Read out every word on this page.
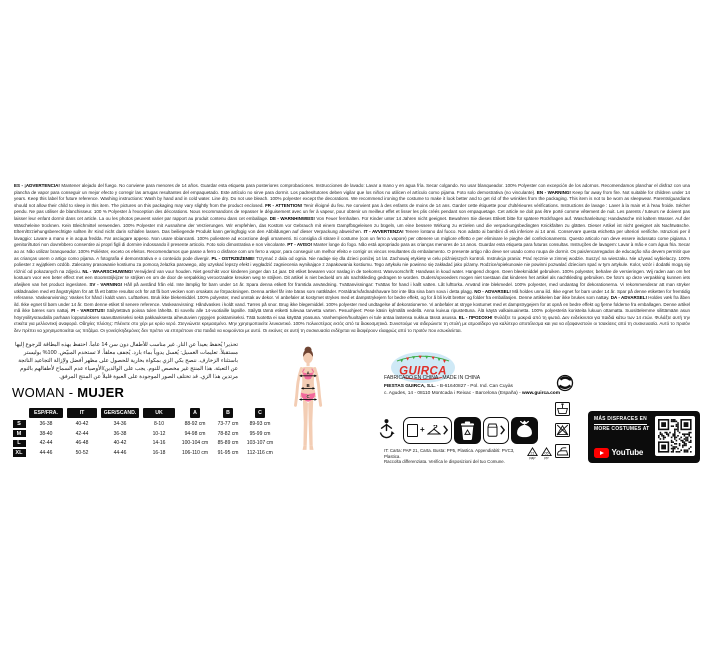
ES - ¡ADVERTENCIA! Mantener alejado del fuego. No conviene para menores de 14 años. Guardar esta etiqueta para posteriores comprobaciones. Instrucciones de lavado: Lavar a mano y en agua fría. Secar colgando. No usar blanqueador. 100% Polyester con excepción de los adornos. Recomendamos planchar el disfraz con una plancha de vapor para conseguir un mejor efecto y corregir las arrugas resultantes del empaquetado. Este artículo no sirve para dormir. Los padres/tutores deben vigilar que los niños no utilicen el artículo como pijama. Foto solo demostrativa (no vinculante). EN - WARNING! Keep far away from fire. Not suitable for children under 14 years. Keep this label for future reference. Washing instructions: Wash by hand and in cold water. Line dry. Do not use bleach. 100% polyester except the decorations. We recommend ironing the costume to make it look better and to get rid of the wrinkles from the packaging. This item is not to be worn as sleepwear. Parents/guardians should not allow their child to sleep in this item. The pictures on this packaging may vary slightly from the product enclosed. FR - ATTENTION! Tenir éloigné du feu. Ne convient pas à des enfants de moins de 14 ans. Garder cette étiquette pour d'ultérieures vérifications. Instructions de lavage : Laver à la main et à l'eau froide. Sécher pendu. Ne pas utiliser de blanchisseur. 100 % Polyester à l'exception des décorations. Nous recommandons de repasser le déguisement avec un fer à vapeur, pour obtenir un meilleur effet et lisser les plis créés pendant son empaquetage. Cet article ne doit pas être porté comme vêtement de nuit. Les parents / tuteurs ne doivent pas laisser leur enfant dormir dans cet article. La ou les photos peuvent varier par rapport au produit contenu dans cet emballage. DE - WARNHINWEIS! Von Feuer fernhalten. Für Kinder unter 14 Jahren nicht geeignet. Bewahren Sie dieses Etikett bitte für spätere Rückfragen auf. Waschanleitung: Handwäsche mit kaltem Wasser. Auf der Wäscheleine trocknen. Kein Bleichmittel verwenden. 100% Polyester mit Ausnahme der Verzierungen. Wir empfehlen, das Kostüm vor Gebrauch mit einem Dampfbügeleisen zu bügeln, um eine bessere Wirkung zu erzielen und die verpackungsbedingten Knickfalten zu glätten. Dieser Artikel ist nicht geeignet als Nachtwäsche. Eltern/Erziehungsberechtigte sollten ihr Kind nicht darin schlafen lassen. Das beiliegende Produkt kann geringfügig von den Abbildungen auf dieser Verpackung abweichen. IT - AVVERTENZA! Tenere lontano dal fuoco. Non adatto ai bambini di età inferiore ai 14 anni. Conservare questa etichetta per ulteriori verifiche. Istruzioni per il lavaggio: Lavare a mano e in acqua fredda. Far asciugare appeso. Non usare sbiancanti. 100% poliestere ad eccezione degli ornamenti. Si consiglia di stirare il costume (con un ferro a vapore) per ottenere un migliore effetto e per eliminare le pieghe del confezionamento. Questo articolo non deve essere indossato come pigiama. I genitori/tutori non dovrebbero consentire ai propri figli di dormire indossando il presente articolo. Foto solo dimostrativa e non vincolante. PT - AVISO! Manter longe do fogo. Não está apropriado para as crianças menores de 14 anos. Guardar esta etiqueta para futuras consultas. Instruções de lavagem: Lavar à mão e com água fria. Secar ao ar. Não utilizar branqueador. 100% Poliéster, exceto os efeitos. Recomendamos que passe a ferro o disfarce com um ferro a vapor, para conseguir um melhor efeito e corrigir os vincos resultantes do embalamento. O presente artigo não deve ser usado como roupa de dormir. Os pais/encarregados de educação não devem permitir que as crianças usem o artigo como pijama. A fotografia é demonstrativa e o conteúdo pode divergir. PL - OSTRZEŻENIE! Trzymać z dala od ognia. Nie nadaje się dla dzieci poniżej 14 lat. Zachowaj etykietę w celu późniejszych kontroli. Instrukcja prania: Prać ręcznie w zimnej wodzie. Suszyć na wieszaku. Nie używać wybielaczy. 100% poliester z wyjątkiem ozdób. Zalecamy prasowanie kostiumu za pomocą żelazka parowego, aby uzyskać lepszy efekt i wygładzić zagniecenia wynikające z zapakowania kostiumu. Tego artykułu nie powinno się zakładać jako piżamy. Rodzice/opiekunowie nie powinni pozwalać dzieciom spać w tym artykule. Kolor, wzór i dodatki mogą się różnić od pokazanych na zdjęciu. NL - WAARSCHUWING! Verwijderd van vuur houden. Niet geschikt voor kinderen jonger dan 14 jaar. Dit etiket bewaren voor naslag in de toekomst. Wasvoorschrift: Handwas in koud water. Hangend drogen. Geen bleekmiddel gebruiken. 100% polyester, behalve de versieringen. Wij raden aan om het kostuum voor een beter effect met een stoomstrijkijzer te strijken en om de door de verpakking veroorzaakte kreuken weg te strijken. Dit artikel is niet bedoeld om als nachtkleding gedragen te worden. Ouders/opvoeders mogen niet toestaan dat kinderen het artikel als nachtkleding gebruiken. De foto's op deze verpakking kunnen iets afwijken van het product ingesloten. SV - VARNING! Håll på avstånd från eld. Inte lämplig för barn under 14 år. Spara denna etikett för framtida användning. Tvättanvisningar: Tvättas för hand i kallt vatten. Låt lufttorka. Använd inte blekmedel. 100% polyester, med undantag för dekorationerna. Vi rekommenderar att man stryker utklädnaden med ett ångstrykjärn för att få ett bättre resultat och för att få bort vecken som orsakats av förpackningen. Denna artikel får inte bäras som nattkläder. Föräldrar/vårdnadshavare bör inte låta sina barn sova i detta plagg. NO - ADVARSEL! Må holdes unna ild. Ikke egnet for barn under 14 år. Spar på denne etiketten for fremtidig referanse. Vaskeanvisning: Vaskes for hånd i kaldt vann. Lufttørkes. Bruk ikke blekemiddel. 100% polyester, med unntak av dekor. Vi anbefaler at kostymet strykes med et dampstrykejern for bedre effekt, og for å bli kvitt bretter og folder fra emballasjen. Denne artikkelen bør ikke brukes som nattøy. DA - ADVARSEL! Holdes væk fra åben ild. Ikke egnet til børn under 14 år. Gem denne etiket til senere reference. Vaskeanvisning: Håndvaskes i koldt vand. Tørres på snor. Brug ikke blegemiddel. 100% polyester med undtagelse af dekorationerne. Vi anbefaler at stryge kostumet med et dampstrygejern for at opnå en bedre effekt og fjerne folderne fra emballagen. Denne artikel må ikke bæres som nattøj. FI - VAROITUS! Säilytettävä poissa tulen läheltä. Ei sovellu alle 14-vuotiaille lapsille. Säilytä tämä etiketti tulevaa tarvetta varten. Pesuohjeet: Pese käsin kylmällä vedellä. Anna kuivua ripustettuna. Älä käytä valkaisuainetta. 100% polyesteriä koristeita lukuun ottamatta. Suosittelemme silittämään asun höyrysilitysraudalla parhaan lopputuloksen saavuttamiseksi sekä pakkauksesta aiheutuvien ryppyjen poistamiseksi. Tätä tuotetta ei saa käyttää yöasuna. Vanhempien/huoltajien ei tule antaa lastensa nukkua tässä asussa. EL - ΠΡΟΣΟΧΗ! Φυλάξτε το μακριά από τη φωτιά. Δεν ενδείκνυται για παιδιά κάτω των 14 ετών. Φυλάξτε αυτή την ετικέτα για μελλοντική αναφορά. Οδηγίες πλύσης: Πλένετε στο χέρι με κρύο νερό. Στεγνώνετε κρεμασμένο. Μην χρησιμοποιείτε λευκαντικό. 100% πολυεστέρας εκτός από τα διακοσμητικά. Συνιστούμε να σιδερώνετε τη στολή με ατμοσίδερο για καλύτερο αποτέλεσμα και για να εξαφανιστούν οι τσακίσεις από τη συσκευασία. Αυτό το προϊόν δεν πρέπει να χρησιμοποιείται ως πιτζάμα. Οι γονείς/κηδεμόνες δεν πρέπει να επιτρέπουν στα παιδιά να κοιμούνται με αυτό. Οι εικόνες σε αυτή τη συσκευασία ενδέχεται να διαφέρουν ελαφρώς από το προϊόν που εσωκλείεται.
تحذير! يُحفظ بعيداً عن النار. غير مناسب للأطفال دون سن 14 عاماً. احتفظ بهذه البطاقة للرجوع إليها مستقبلاً. تعليمات الغسيل: يُغسل يدوياً بماء بارد. يُجفف معلقاً. لا تستخدم المبيّض. 100% بوليستر باستثناء الزخارف. ننصح بكي الزي بمكواة بخارية للحصول على مظهر أفضل ولإزالة التجاعيد الناتجة عن التعبئة. هذا المنتج غير مخصص للنوم. يجب على الوالدين/الأوصياء عدم السماح لأطفالهم بالنوم مرتدين هذا الزي. قد تختلف الصور الموجودة على العبوة قليلاً عن المنتج المرفق.
A
B
C
GUIRCA
FABRICADO EN CHINA - MADE IN CHINA
FIESTAS GUIRCA, S.L. - B-61640827 - Pol. Ind. Can Cuyàs
c. Agudes, 14 - 08110 Montcada i Reixac - Barcelona (España) - www.guirca.com
WOMAN - MUJER
ESP/FRA.	IT	GER/SCAND.	UK	A	B	C
S	36-38	40-42	34-36	8-10	88-92 cm	73-77 cm	89-93 cm
M	38-40	42-44	36-38	10-12	94-98 cm	78-82 cm	95-99 cm
L	42-44	46-48	40-42	14-16	100-104 cm	85-89 cm	103-107 cm
XL	44-46	50-52	44-46	16-18	106-110 cm	91-95 cm	112-116 cm
+
IT: Carta: PAP 21, Carta. Busta: PP5, Plastica. Appendiabiti: PVC3, Plastica.
Raccolta differenziata. Verifica le disposizioni del tuo Comune.
21
PAP
05
PP
MÁS DISFRACES EN
MORE COSTUMES AT
YouTube
